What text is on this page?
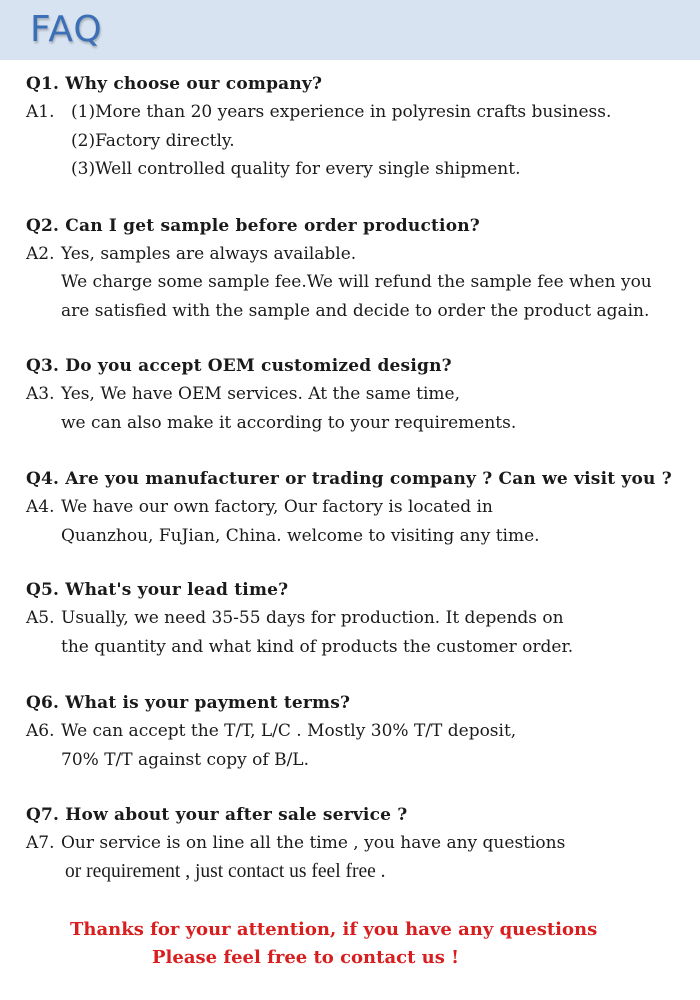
FAQ
Q1. Why choose our company?
A1. (1)More than 20 years experience in polyresin crafts business.
(2)Factory directly.
(3)Well controlled quality for every single shipment.
Q2. Can I get sample before order production?
A2. Yes, samples are always available.
We charge some sample fee.We will refund the sample fee when you
are satisfied with the sample and decide to order the product again.
Q3. Do you accept OEM customized design?
A3. Yes, We have OEM services. At the same time,
we can also make it according to your requirements.
Q4. Are you manufacturer or trading company ? Can we visit you ?
A4. We have our own factory, Our factory is located in
Quanzhou, FuJian, China. welcome to visiting any time.
Q5. What's your lead time?
A5. Usually, we need 35-55 days for production. It depends on
the quantity and what kind of products the customer order.
Q6. What is your payment terms?
A6. We can accept the T/T, L/C . Mostly 30% T/T deposit,
70% T/T against copy of B/L.
Q7. How about your after sale service ?
A7. Our service is on line all the time , you have any questions
or requirement , just contact us feel free .
Thanks for your attention, if you have any questions
Please feel free to contact us !
